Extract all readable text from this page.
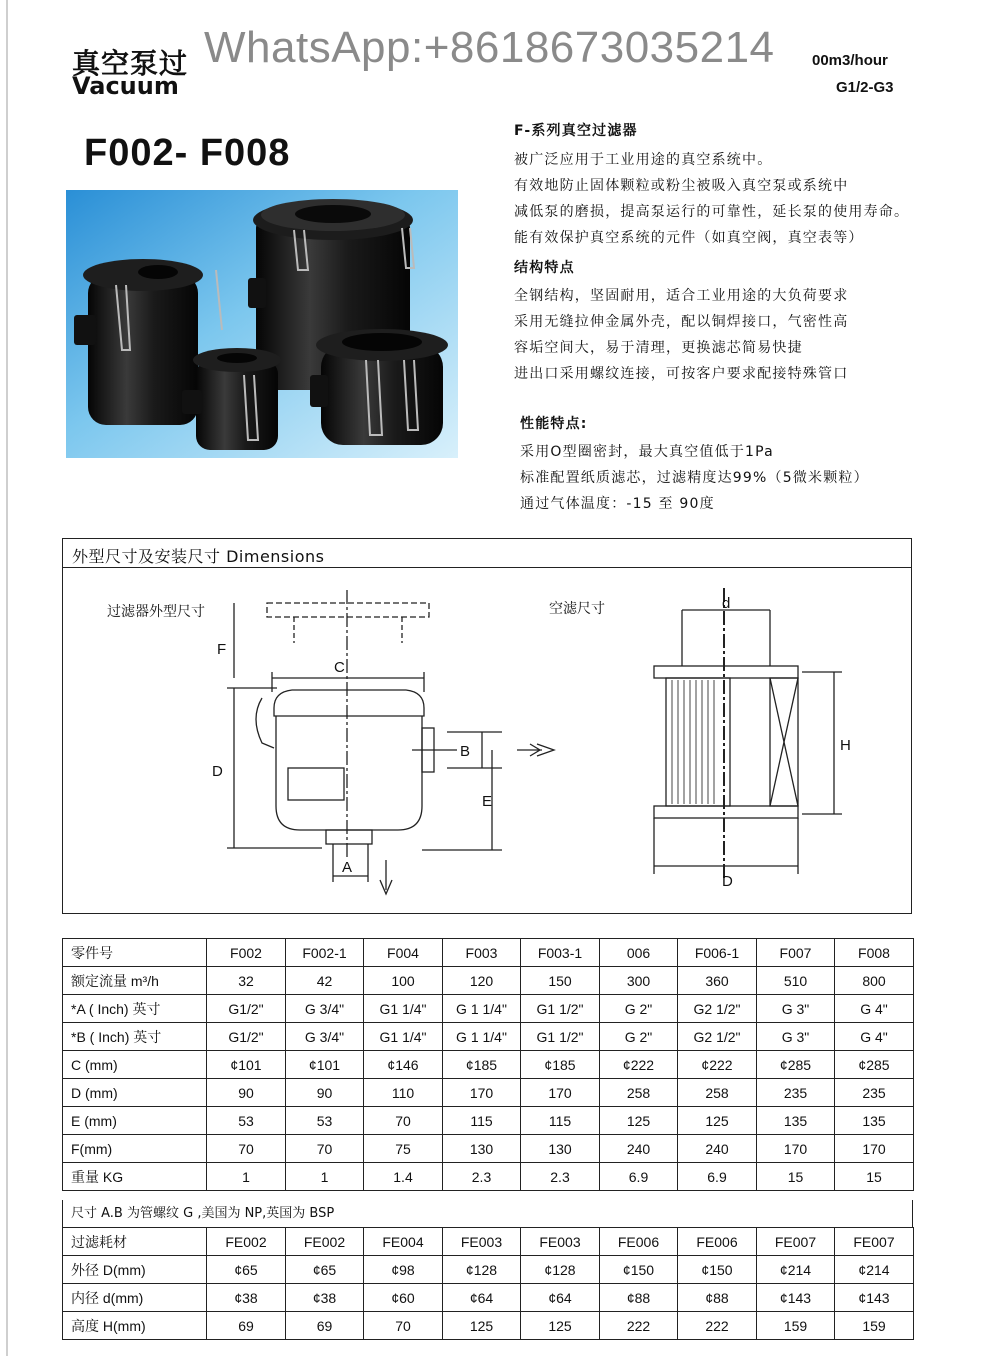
真空泵过
Vacuum
WhatsApp:+8618673035214	00m3/hour
G1/2-G3
F002- F008
F-系列真空过滤器
被广泛应用于工业用途的真空系统中。
有效地防止固体颗粒或粉尘被吸入真空泵或系统中
减低泵的磨损，提高泵运行的可靠性，延长泵的使用寿命。
能有效保护真空系统的元件（如真空阀，真空表等）
结构特点
全钢结构，坚固耐用，适合工业用途的大负荷要求
采用无缝拉伸金属外壳，配以铜焊接口，气密性高
容垢空间大，易于清理，更换滤芯简易快捷
进出口采用螺纹连接，可按客户要求配接特殊管口
性能特点:
采用O型圈密封，最大真空值低于1Pa
标准配置纸质滤芯，过滤精度达99%（5微米颗粒）
通过气体温度：-15 至 90度
外型尺寸及安装尺寸 Dimensions
过滤器外型尺寸	空滤尺寸
F
C
D
B
E
A
d
H
D
零件号	F002	F002-1	F004	F003	F003-1	006	F006-1	F007	F008
额定流量 m³/h	32	42	100	120	150	300	360	510	800
*A ( Inch) 英寸	G1/2"	G 3/4"	G1 1/4"	G 1 1/4"	G1 1/2"	G 2"	G2 1/2"	G 3"	G 4"
*B ( Inch) 英寸	G1/2"	G 3/4"	G1 1/4"	G 1 1/4"	G1 1/2"	G 2"	G2 1/2"	G 3"	G 4"
C (mm)	¢101	¢101	¢146	¢185	¢185	¢222	¢222	¢285	¢285
D (mm)	90	90	110	170	170	258	258	235	235
E (mm)	53	53	70	115	115	125	125	135	135
F(mm)	70	70	75	130	130	240	240	170	170
重量 KG	1	1	1.4	2.3	2.3	6.9	6.9	15	15
尺寸 A.B 为管螺纹 G ,美国为 NP,英国为 BSP
过滤耗材	FE002	FE002	FE004	FE003	FE003	FE006	FE006	FE007	FE007
外径 D(mm)	¢65	¢65	¢98	¢128	¢128	¢150	¢150	¢214	¢214
内径 d(mm)	¢38	¢38	¢60	¢64	¢64	¢88	¢88	¢143	¢143
高度 H(mm)	69	69	70	125	125	222	222	159	159
